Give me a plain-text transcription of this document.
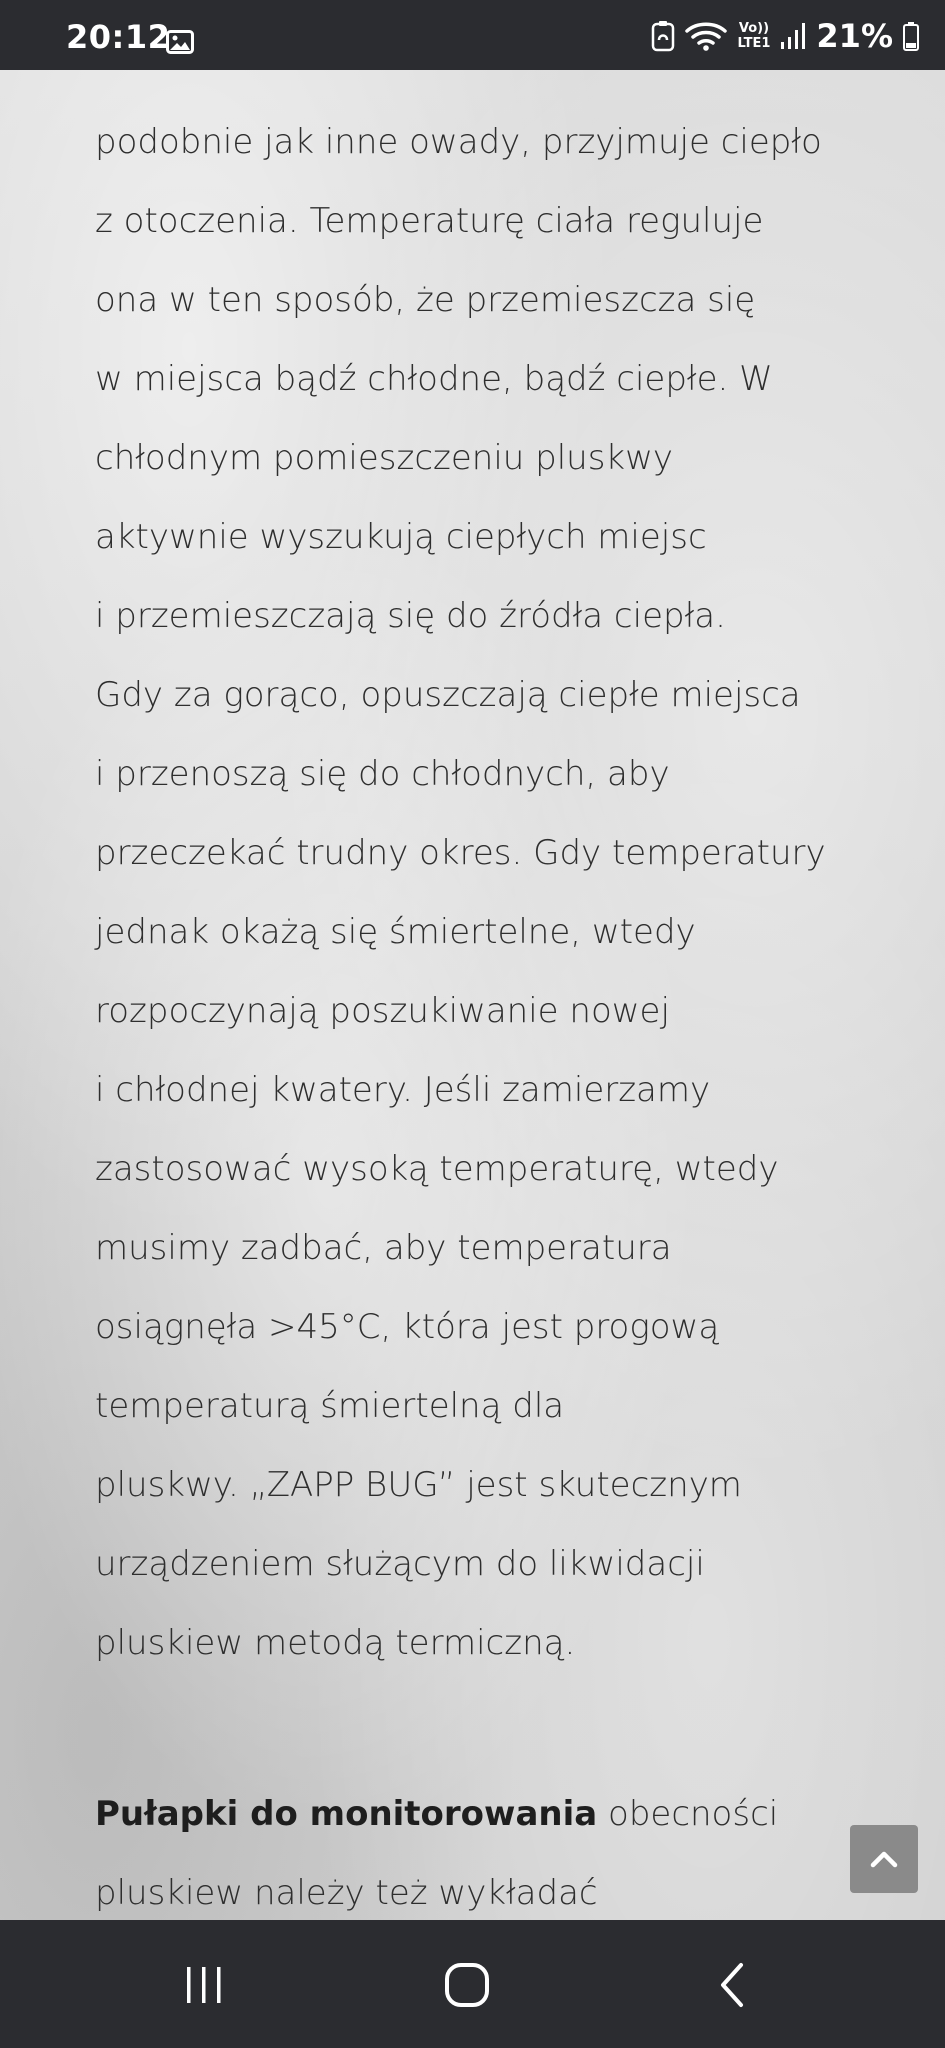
20:12	Vo))
LTE1 21%

podobnie jak inne owady, przyjmuje ciepło
z otoczenia. Temperaturę ciała reguluje
ona w ten sposób, że przemieszcza się
w miejsca bądź chłodne, bądź ciepłe. W
chłodnym pomieszczeniu pluskwy
aktywnie wyszukują ciepłych miejsc
i przemieszczają się do źródła ciepła.
Gdy za gorąco, opuszczają ciepłe miejsca
i przenoszą się do chłodnych, aby
przeczekać trudny okres. Gdy temperatury
jednak okażą się śmiertelne, wtedy
rozpoczynają poszukiwanie nowej
i chłodnej kwatery. Jeśli zamierzamy
zastosować wysoką temperaturę, wtedy
musimy zadbać, aby temperatura
osiągnęła >45°C, która jest progową
temperaturą śmiertelną dla
pluskwy. „ZAPP BUG” jest skutecznym
urządzeniem służącym do likwidacji
pluskiew metodą termiczną.
Pułapki do monitorowania obecności
pluskiew należy też wykładać
